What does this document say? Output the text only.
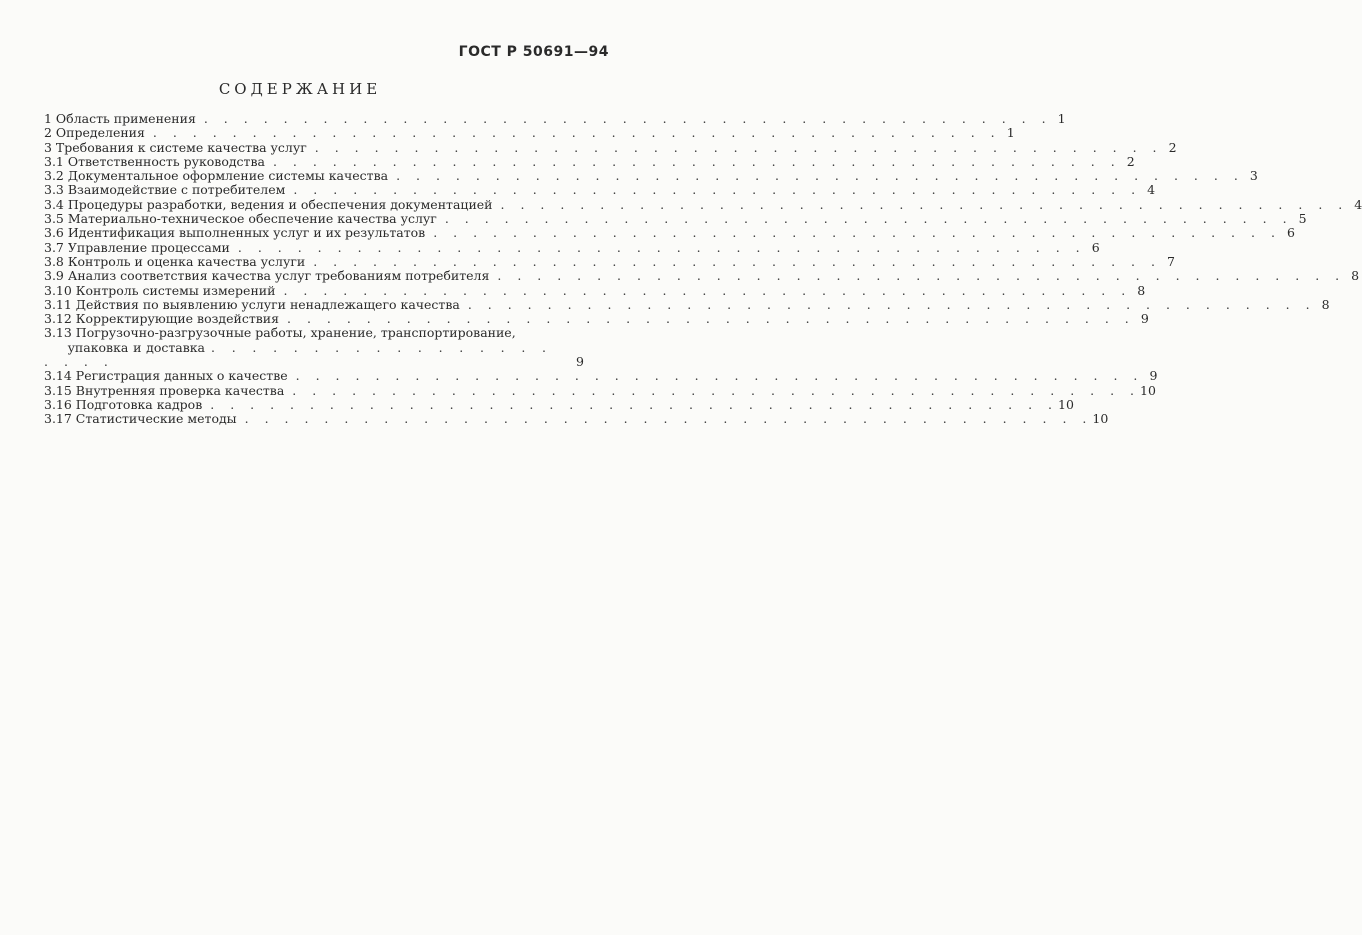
ГОСТ Р 50691—94
СОДЕРЖАНИЕ
1 Область применения . . . . . . . . . . . . . . . . . . . . . . . . . . . . . . . . . . . . . . . . . . . 1
2 Определения . . . . . . . . . . . . . . . . . . . . . . . . . . . . . . . . . . . . . . . . . . . 1
3 Требования к системе качества услуг . . . . . . . . . . . . . . . . . . . . . . . . . . . . . . . . . . . . . . . . . . . 2
3.1 Ответственность руководства . . . . . . . . . . . . . . . . . . . . . . . . . . . . . . . . . . . . . . . . . . . 2
3.2 Документальное оформление системы качества . . . . . . . . . . . . . . . . . . . . . . . . . . . . . . . . . . . . . . . . . . . 3
3.3 Взаимодействие с потребителем . . . . . . . . . . . . . . . . . . . . . . . . . . . . . . . . . . . . . . . . . . . 4
3.4 Процедуры разработки, ведения и обеспечения документацией . . . . . . . . . . . . . . . . . . . . . . . . . . . . . . . . . . . . . . . . . . . 4
3.5 Материально-техническое обеспечение качества услуг . . . . . . . . . . . . . . . . . . . . . . . . . . . . . . . . . . . . . . . . . . . 5
3.6 Идентификация выполненных услуг и их результатов . . . . . . . . . . . . . . . . . . . . . . . . . . . . . . . . . . . . . . . . . . . 6
3.7 Управление процессами . . . . . . . . . . . . . . . . . . . . . . . . . . . . . . . . . . . . . . . . . . . 6
3.8 Контроль и оценка качества услуги . . . . . . . . . . . . . . . . . . . . . . . . . . . . . . . . . . . . . . . . . . . 7
3.9 Анализ соответствия качества услуг требованиям потребителя . . . . . . . . . . . . . . . . . . . . . . . . . . . . . . . . . . . . . . . . . . . 8
3.10 Контроль системы измерений . . . . . . . . . . . . . . . . . . . . . . . . . . . . . . . . . . . . . . . . . . . 8
3.11 Действия по выявлению услуги ненадлежащего качества . . . . . . . . . . . . . . . . . . . . . . . . . . . . . . . . . . . . . . . . . . . 8
3.12 Корректирующие воздействия . . . . . . . . . . . . . . . . . . . . . . . . . . . . . . . . . . . . . . . . . . . 9
3.13 Погрузочно-разгрузочные работы, хранение, транспортирование,
упаковка и доставка . . . . . . . . . . . . . . . . . . . . .	9
3.14 Регистрация данных о качестве . . . . . . . . . . . . . . . . . . . . . . . . . . . . . . . . . . . . . . . . . . . 9
3.15 Внутренняя проверка качества . . . . . . . . . . . . . . . . . . . . . . . . . . . . . . . . . . . . . . . . . . . 10
3.16 Подготовка кадров . . . . . . . . . . . . . . . . . . . . . . . . . . . . . . . . . . . . . . . . . . . 10
3.17 Статистические методы . . . . . . . . . . . . . . . . . . . . . . . . . . . . . . . . . . . . . . . . . . . 10
